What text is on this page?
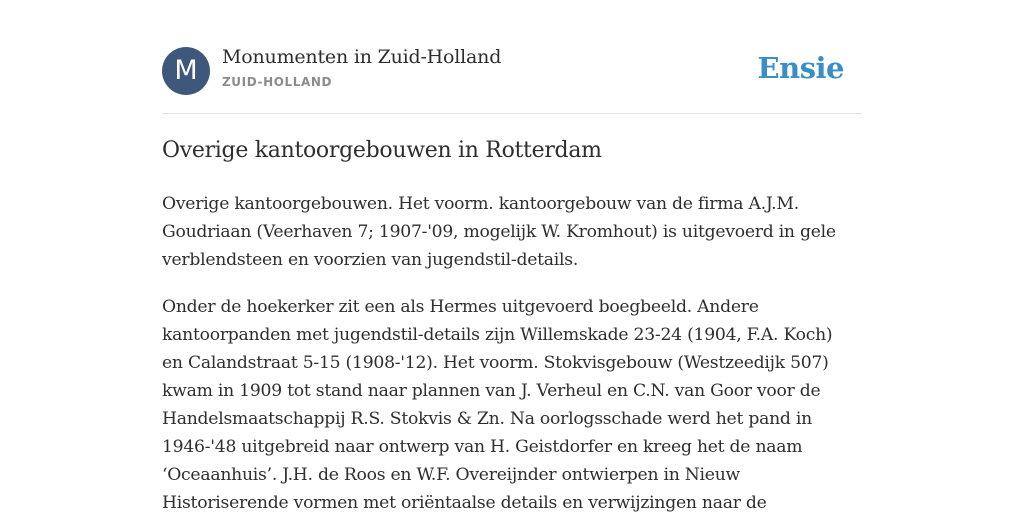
M	Monumenten in Zuid-Holland
ZUID-HOLLAND	Ensie
Overige kantoorgebouwen in Rotterdam

Overige kantoorgebouwen. Het voorm. kantoorgebouw van de firma A.J.M.
Goudriaan (Veerhaven 7; 1907-'09, mogelijk W. Kromhout) is uitgevoerd in gele
verblendsteen en voorzien van jugendstil-details.

Onder de hoekerker zit een als Hermes uitgevoerd boegbeeld. Andere
kantoorpanden met jugendstil-details zijn Willemskade 23-24 (1904, F.A. Koch)
en Calandstraat 5-15 (1908-'12). Het voorm. Stokvisgebouw (Westzeedijk 507)
kwam in 1909 tot stand naar plannen van J. Verheul en C.N. van Goor voor de
Handelsmaatschappij R.S. Stokvis & Zn. Na oorlogsschade werd het pand in
1946-'48 uitgebreid naar ontwerp van H. Geistdorfer en kreeg het de naam
‘Oceaanhuis’. J.H. de Roos en W.F. Overeijnder ontwierpen in Nieuw
Historiserende vormen met oriëntaalse details en verwijzingen naar de
